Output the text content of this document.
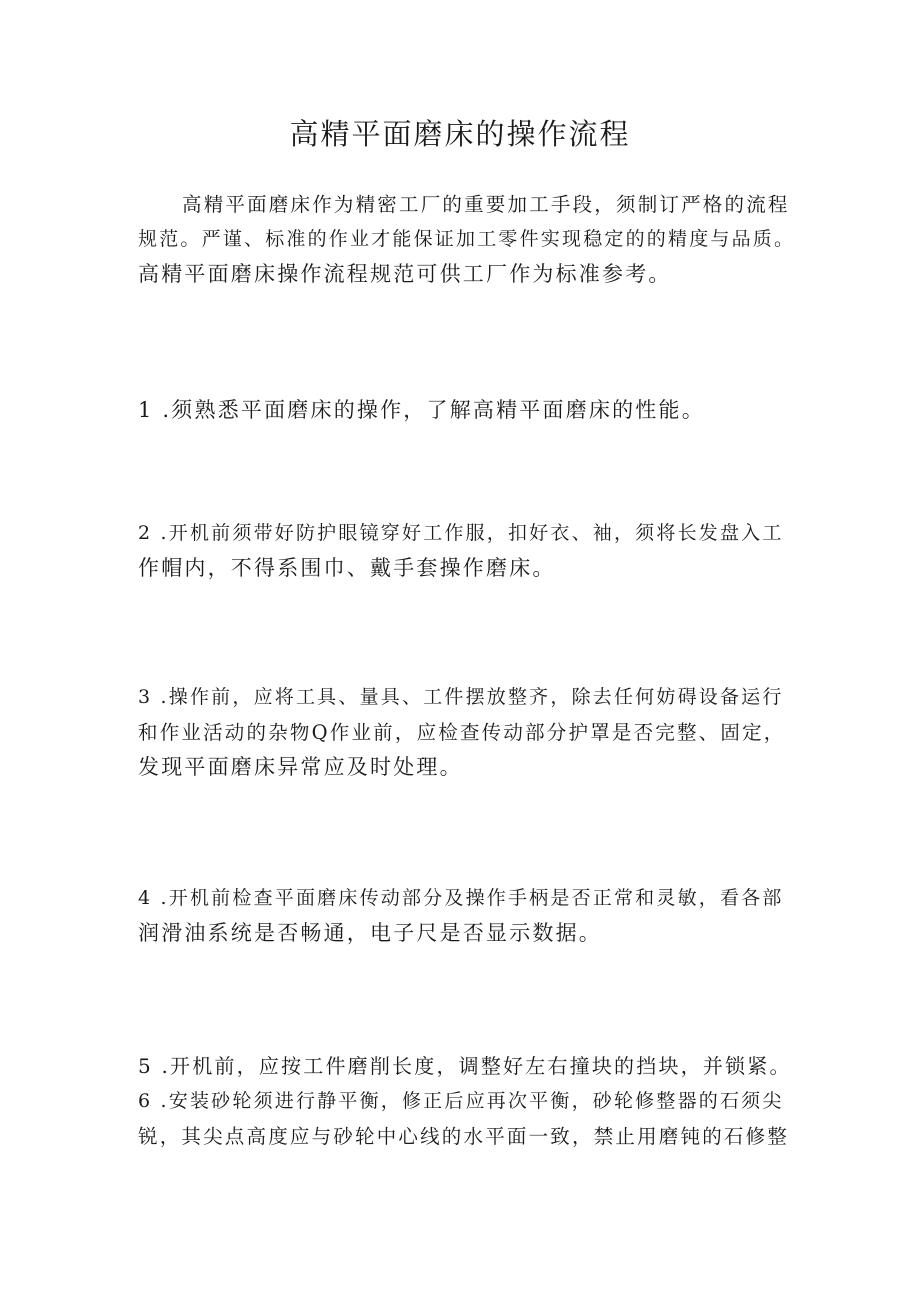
高精平面磨床的操作流程

高精平面磨床作为精密工厂的重要加工手段，须制订严格的流程
规范。严谨、标准的作业才能保证加工零件实现稳定的的精度与品质。
高精平面磨床操作流程规范可供工厂作为标准参考。

1 .须熟悉平面磨床的操作，了解高精平面磨床的性能。

2 .开机前须带好防护眼镜穿好工作服，扣好衣、袖，须将长发盘入工
作帽内，不得系围巾、戴手套操作磨床。

3 .操作前，应将工具、量具、工件摆放整齐，除去任何妨碍设备运行
和作业活动的杂物Q作业前，应检查传动部分护罩是否完整、固定，
发现平面磨床异常应及时处理。

4 .开机前检查平面磨床传动部分及操作手柄是否正常和灵敏，看各部
润滑油系统是否畅通，电子尺是否显示数据。

5 .开机前，应按工件磨削长度，调整好左右撞块的挡块，并锁紧。
6 .安装砂轮须进行静平衡，修正后应再次平衡，砂轮修整器的石须尖
锐，其尖点高度应与砂轮中心线的水平面一致，禁止用磨钝的石修整
